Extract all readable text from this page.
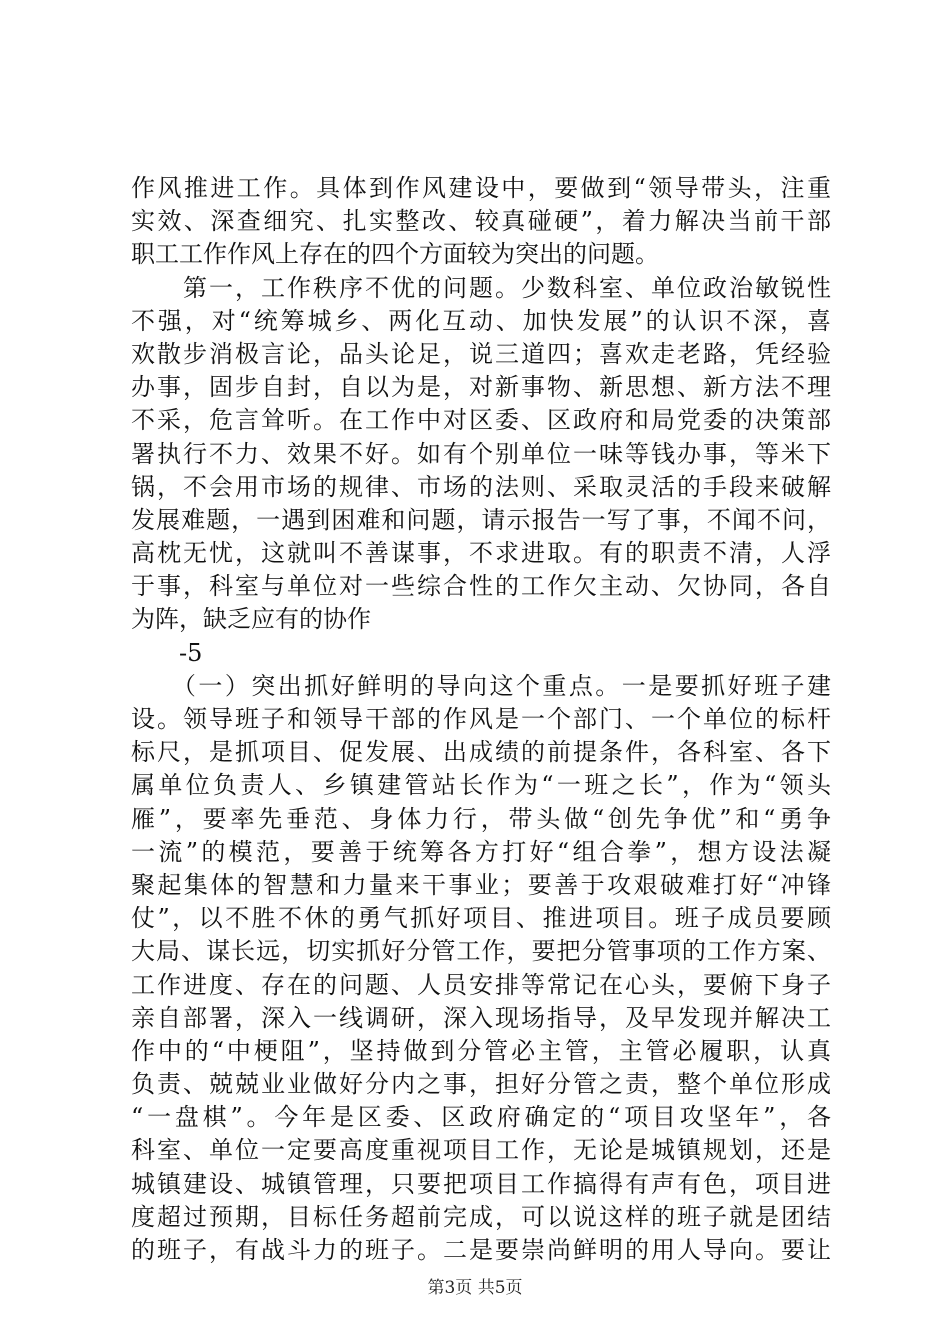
作风推进工作。具体到作风建设中，要做到“领导带头，注重
实效、深查细究、扎实整改、较真碰硬”，着力解决当前干部
职工工作作风上存在的四个方面较为突出的问题。
　　第一，工作秩序不优的问题。少数科室、单位政治敏锐性
不强，对“统筹城乡、两化互动、加快发展”的认识不深，喜
欢散步消极言论，品头论足，说三道四；喜欢走老路，凭经验
办事，固步自封，自以为是，对新事物、新思想、新方法不理
不采，危言耸听。在工作中对区委、区政府和局党委的决策部
署执行不力、效果不好。如有个别单位一味等钱办事，等米下
锅，不会用市场的规律、市场的法则、采取灵活的手段来破解
发展难题，一遇到困难和问题，请示报告一写了事，不闻不问，
高枕无忧，这就叫不善谋事，不求进取。有的职责不清，人浮
于事，科室与单位对一些综合性的工作欠主动、欠协同，各自
为阵，缺乏应有的协作
　　-5
　　（一）突出抓好鲜明的导向这个重点。一是要抓好班子建
设。领导班子和领导干部的作风是一个部门、一个单位的标杆
标尺，是抓项目、促发展、出成绩的前提条件，各科室、各下
属单位负责人、乡镇建管站长作为“一班之长”，作为“领头
雁”，要率先垂范、身体力行，带头做“创先争优”和“勇争
一流”的模范，要善于统筹各方打好“组合拳”，想方设法凝
聚起集体的智慧和力量来干事业；要善于攻艰破难打好“冲锋
仗”，以不胜不休的勇气抓好项目、推进项目。班子成员要顾
大局、谋长远，切实抓好分管工作，要把分管事项的工作方案、
工作进度、存在的问题、人员安排等常记在心头，要俯下身子
亲自部署，深入一线调研，深入现场指导，及早发现并解决工
作中的“中梗阻”，坚持做到分管必主管，主管必履职，认真
负责、兢兢业业做好分内之事，担好分管之责，整个单位形成
“一盘棋”。今年是区委、区政府确定的“项目攻坚年”，各
科室、单位一定要高度重视项目工作，无论是城镇规划，还是
城镇建设、城镇管理，只要把项目工作搞得有声有色，项目进
度超过预期，目标任务超前完成，可以说这样的班子就是团结
的班子，有战斗力的班子。二是要崇尚鲜明的用人导向。要让
第3页 共5页
